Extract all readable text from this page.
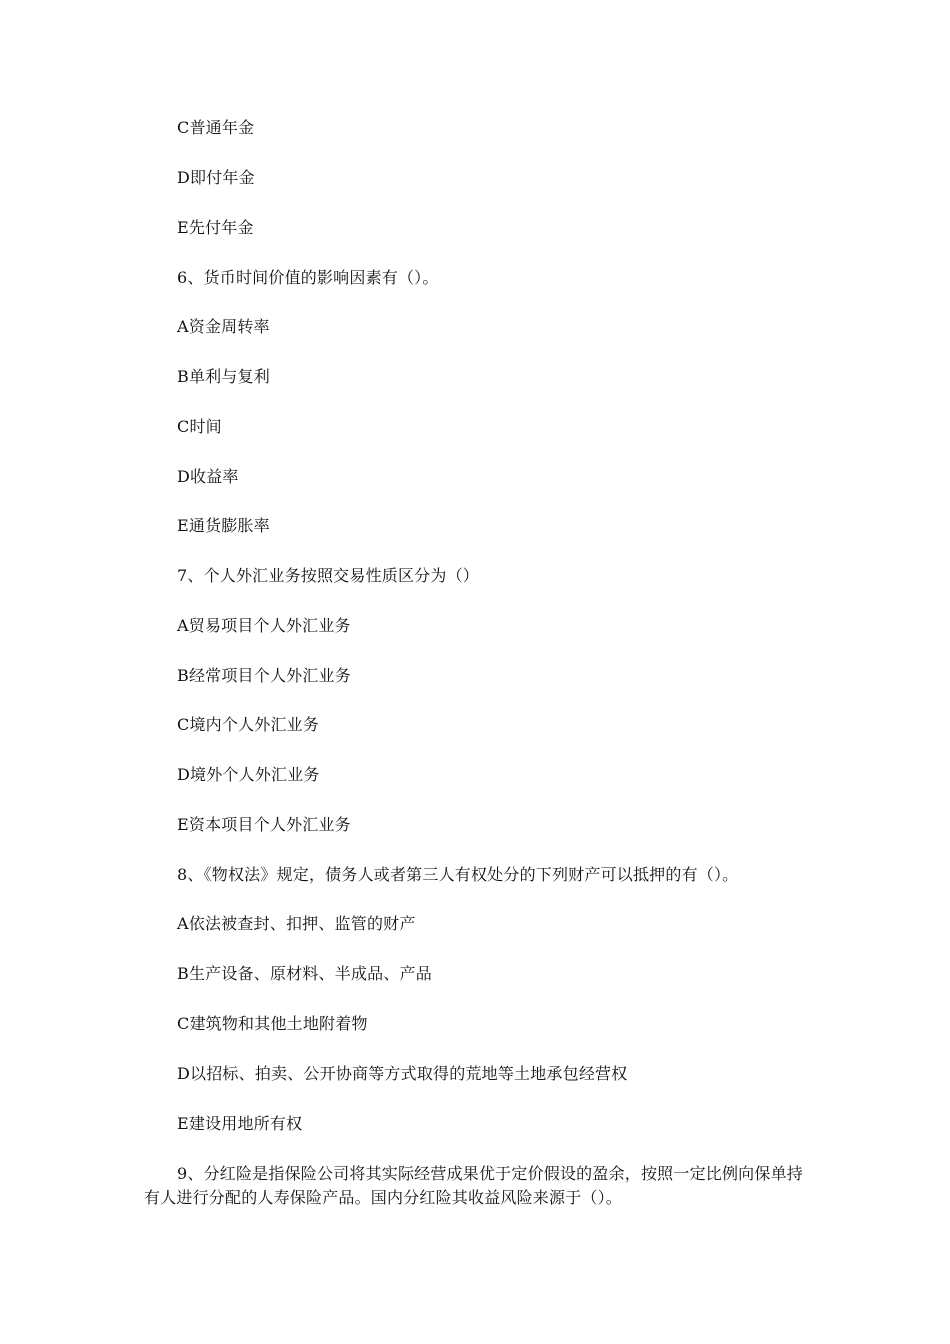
C普通年金
D即付年金
E先付年金
6、货币时间价值的影响因素有（）。
A资金周转率
B单利与复利
C时间
D收益率
E通货膨胀率
7、个人外汇业务按照交易性质区分为（）
A贸易项目个人外汇业务
B经常项目个人外汇业务
C境内个人外汇业务
D境外个人外汇业务
E资本项目个人外汇业务
8、《物权法》规定，债务人或者第三人有权处分的下列财产可以抵押的有（）。
A依法被查封、扣押、监管的财产
B生产设备、原材料、半成品、产品
C建筑物和其他土地附着物
D以招标、拍卖、公开协商等方式取得的荒地等土地承包经营权
E建设用地所有权
9、分红险是指保险公司将其实际经营成果优于定价假设的盈余，按照一定比例向保单持有人进行分配的人寿保险产品。国内分红险其收益风险来源于（）。
